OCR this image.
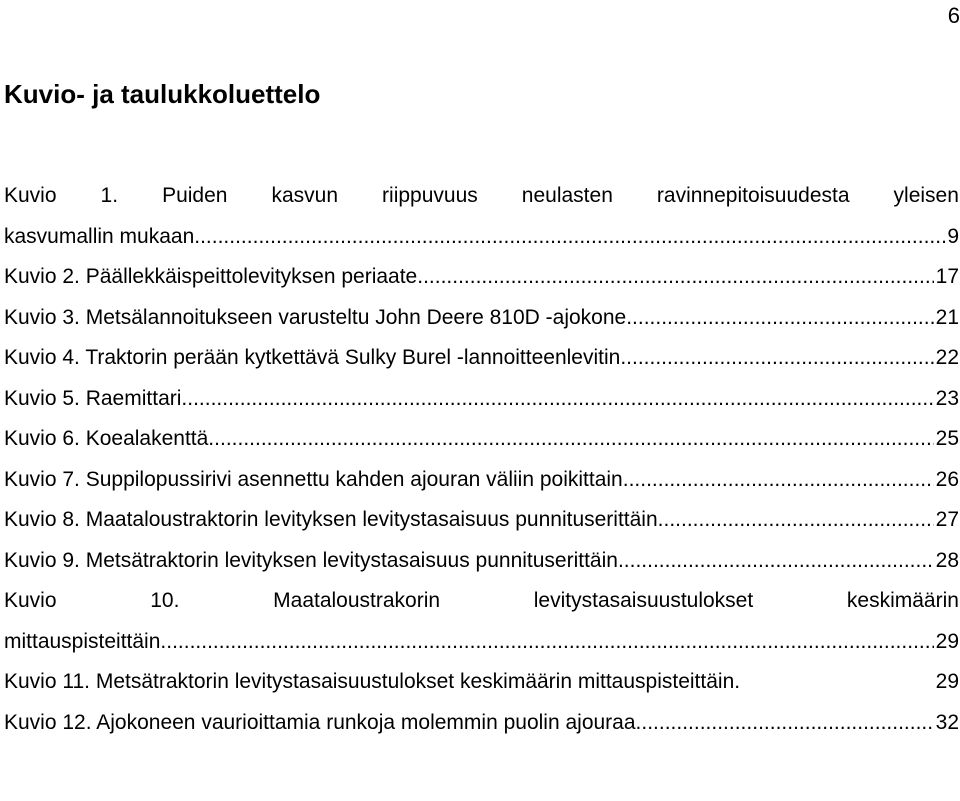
6
Kuvio- ja taulukkoluettelo
Kuvio 1. Puiden kasvun riippuvuus neulasten ravinnepitoisuudesta yleisen
kasvumallin mukaan. .....	9
Kuvio 2. Päällekkäispeittolevityksen periaate. .....	17
Kuvio 3. Metsälannoitukseen varusteltu John Deere 810D -ajokone. .....	21
Kuvio 4. Traktorin perään kytkettävä Sulky Burel -lannoitteenlevitin. .....	22
Kuvio 5. Raemittari. .....	23
Kuvio 6. Koealakenttä. .....	25
Kuvio 7. Suppilopussirivi asennettu kahden ajouran väliin poikittain. .....	26
Kuvio 8. Maataloustraktorin levityksen levitystasaisuus punnituserittäin. .....	27
Kuvio 9. Metsätraktorin levityksen levitystasaisuus punnituserittäin .....	28
Kuvio	10.	Maataloustrakorin	levitystasaisuustulokset	keskimäärin
mittauspisteittäin. .....	29
Kuvio 11. Metsätraktorin levitystasaisuustulokset keskimäärin mittauspisteittäin.	29
Kuvio 12. Ajokoneen vaurioittamia runkoja molemmin puolin ajouraa. .....	32
